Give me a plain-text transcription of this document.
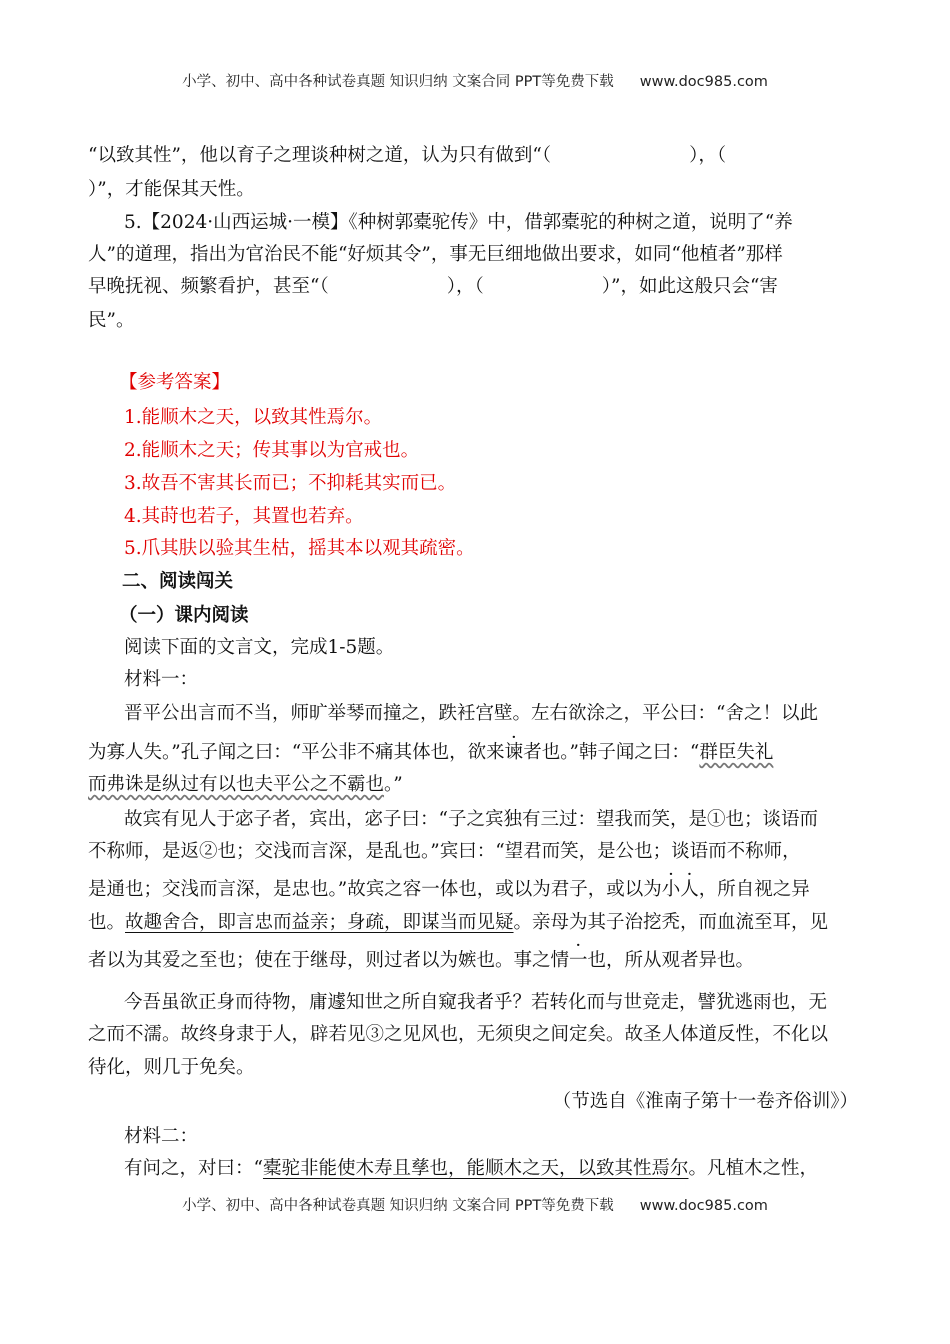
小学、初中、高中各种试卷真题 知识归纳 文案合同 PPT等免费下载 www.doc985.com
“以致其性”，他以育子之理谈种树之道，认为只有做到“（	），（
）”，才能保其天性。
5.【2024·山西运城·一模】《种树郭橐驼传》中，借郭橐驼的种树之道，说明了“养
人”的道理，指出为官治民不能“好烦其令”，事无巨细地做出要求，如同“他植者”那样
早晚抚视、频繁看护，甚至“（	），（	）”，如此这般只会“害
民”。
【参考答案】
1.能顺木之天，以致其性焉尔。
2.能顺木之天；传其事以为官戒也。
3.故吾不害其长而已；不抑耗其实而已。
4.其莳也若子，其置也若弃。
5.爪其肤以验其生枯，摇其本以观其疏密。
二、阅读闯关
（一）课内阅读
阅读下面的文言文，完成1-5题。
材料一：
晋平公出言而不当，师旷举琴而撞之，跌衽宫壁。左右欲涂之，平公曰：“舍之！以此
为寡人失。”孔子闻之曰：“平公非不痛其体也，欲来谏者也。”韩子闻之曰：“群臣失礼
而弗诛是纵过有以也夫平公之不霸也。”
故宾有见人于宓子者，宾出，宓子曰：“子之宾独有三过：望我而笑，是①也；谈语而
不称师，是返②也；交浅而言深，是乱也。”宾曰：“望君而笑，是公也；谈语而不称师，
是通也；交浅而言深，是忠也。”故宾之容一体也，或以为君子，或以为小人，所自视之异
也。故趣舍合，即言忠而益亲；身疏，即谋当而见疑。亲母为其子治挖秃，而血流至耳，见
者以为其爱之至也；使在于继母，则过者以为嫉也。事之情一也，所从观者异也。
今吾虽欲正身而待物，庸遽知世之所自窥我者乎？若转化而与世竞走，譬犹逃雨也，无
之而不濡。故终身隶于人，辟若见③之见风也，无须臾之间定矣。故圣人体道反性，不化以
待化，则几于免矣。
（节选自《淮南子第十一卷齐俗训》）
材料二：
有问之，对曰：“橐驼非能使木寿且孳也，能顺木之天，以致其性焉尔。凡植木之性，
小学、初中、高中各种试卷真题 知识归纳 文案合同 PPT等免费下载 www.doc985.com
